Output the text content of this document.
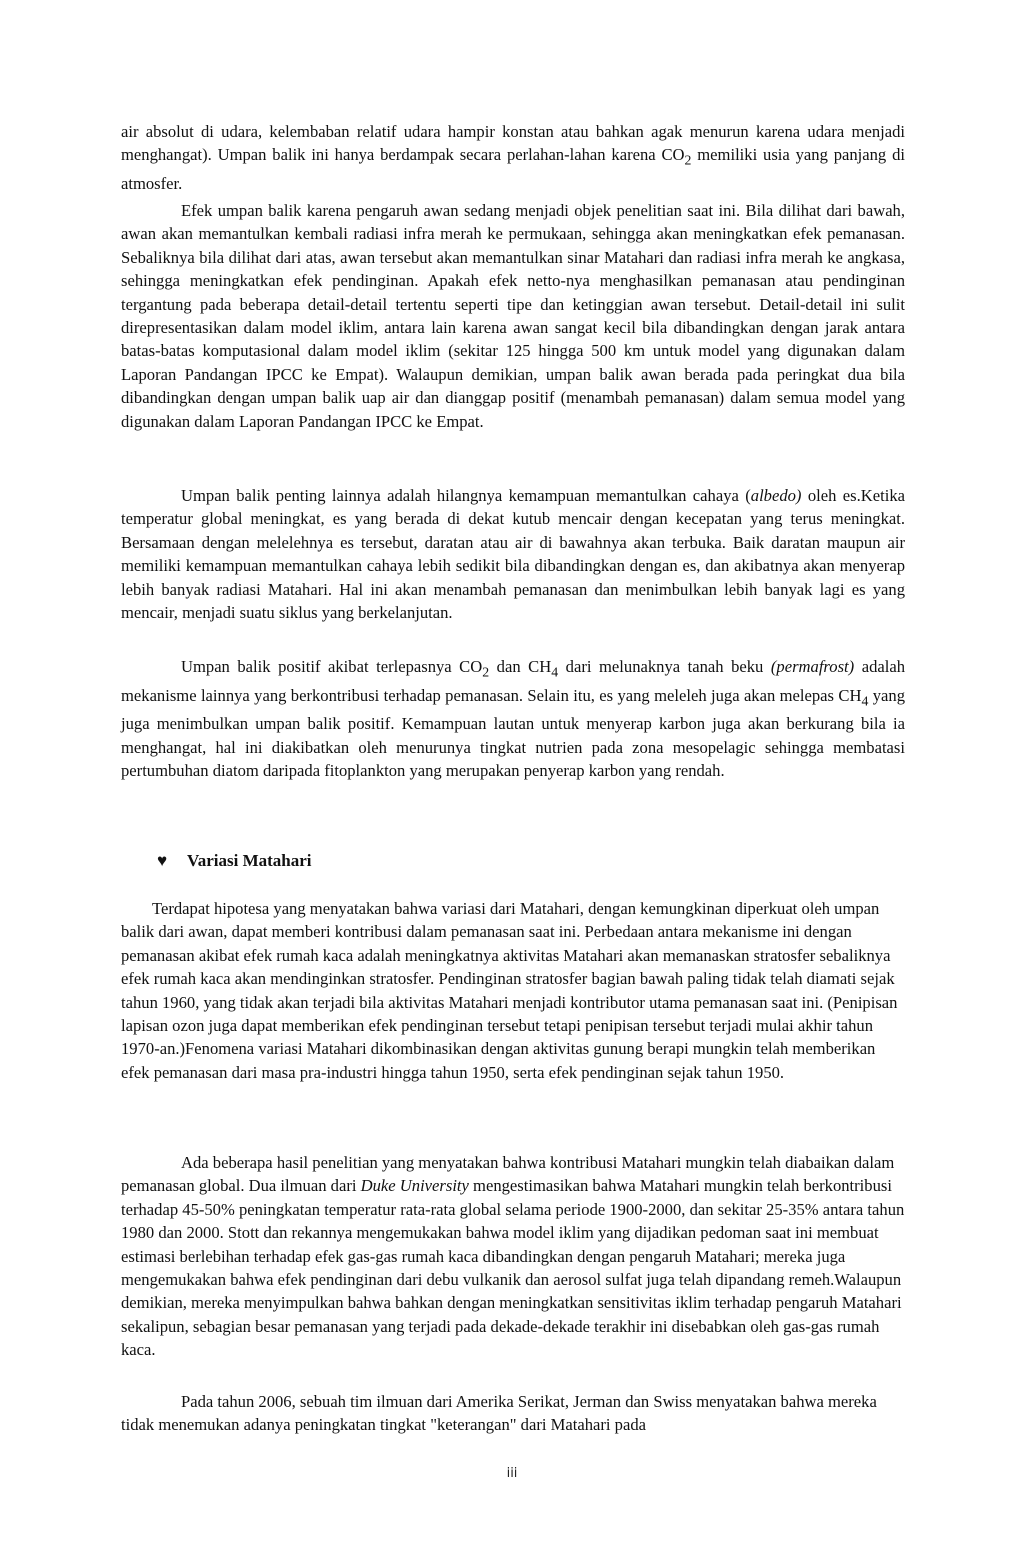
air absolut di udara, kelembaban relatif udara hampir konstan atau bahkan agak menurun karena udara menjadi menghangat). Umpan balik ini hanya berdampak secara perlahan-lahan karena $CO_2$ memiliki usia yang panjang di atmosfer.

Efek umpan balik karena pengaruh awan sedang menjadi objek penelitian saat ini. Bila dilihat dari bawah, awan akan memantulkan kembali radiasi infra merah ke permukaan, sehingga akan meningkatkan efek pemanasan. Sebaliknya bila dilihat dari atas, awan tersebut akan memantulkan sinar Matahari dan radiasi infra merah ke angkasa, sehingga meningkatkan efek pendinginan. Apakah efek netto-nya menghasilkan pemanasan atau pendinginan tergantung pada beberapa detail-detail tertentu seperti tipe dan ketinggian awan tersebut. Detail-detail ini sulit direpresentasikan dalam model iklim, antara lain karena awan sangat kecil bila dibandingkan dengan jarak antara batas-batas komputasional dalam model iklim (sekitar 125 hingga 500 km untuk model yang digunakan dalam Laporan Pandangan IPCC ke Empat). Walaupun demikian, umpan balik awan berada pada peringkat dua bila dibandingkan dengan umpan balik uap air dan dianggap positif (menambah pemanasan) dalam semua model yang digunakan dalam Laporan Pandangan IPCC ke Empat.

Umpan balik penting lainnya adalah hilangnya kemampuan memantulkan cahaya (albedo) oleh es.Ketika temperatur global meningkat, es yang berada di dekat kutub mencair dengan kecepatan yang terus meningkat. Bersamaan dengan melelehnya es tersebut, daratan atau air di bawahnya akan terbuka. Baik daratan maupun air memiliki kemampuan memantulkan cahaya lebih sedikit bila dibandingkan dengan es, dan akibatnya akan menyerap lebih banyak radiasi Matahari. Hal ini akan menambah pemanasan dan menimbulkan lebih banyak lagi es yang mencair, menjadi suatu siklus yang berkelanjutan.

Umpan balik positif akibat terlepasnya $CO_2$ dan $CH_4$ dari melunaknya tanah beku (permafrost) adalah mekanisme lainnya yang berkontribusi terhadap pemanasan. Selain itu, es yang meleleh juga akan melepas $CH_4$ yang juga menimbulkan umpan balik positif. Kemampuan lautan untuk menyerap karbon juga akan berkurang bila ia menghangat, hal ini diakibatkan oleh menurunya tingkat nutrien pada zona mesopelagic sehingga membatasi pertumbuhan diatom daripada fitoplankton yang merupakan penyerap karbon yang rendah.

♥ Variasi Matahari

Terdapat hipotesa yang menyatakan bahwa variasi dari Matahari, dengan kemungkinan diperkuat oleh umpan balik dari awan, dapat memberi kontribusi dalam pemanasan saat ini. Perbedaan antara mekanisme ini dengan pemanasan akibat efek rumah kaca adalah meningkatnya aktivitas Matahari akan memanaskan stratosfer sebaliknya efek rumah kaca akan mendinginkan stratosfer. Pendinginan stratosfer bagian bawah paling tidak telah diamati sejak tahun 1960, yang tidak akan terjadi bila aktivitas Matahari menjadi kontributor utama pemanasan saat ini. (Penipisan lapisan ozon juga dapat memberikan efek pendinginan tersebut tetapi penipisan tersebut terjadi mulai akhir tahun 1970-an.)Fenomena variasi Matahari dikombinasikan dengan aktivitas gunung berapi mungkin telah memberikan efek pemanasan dari masa pra-industri hingga tahun 1950, serta efek pendinginan sejak tahun 1950.

Ada beberapa hasil penelitian yang menyatakan bahwa kontribusi Matahari mungkin telah diabaikan dalam pemanasan global. Dua ilmuan dari Duke University mengestimasikan bahwa Matahari mungkin telah berkontribusi terhadap 45-50% peningkatan temperatur rata-rata global selama periode 1900-2000, dan sekitar 25-35% antara tahun 1980 dan 2000. Stott dan rekannya mengemukakan bahwa model iklim yang dijadikan pedoman saat ini membuat estimasi berlebihan terhadap efek gas-gas rumah kaca dibandingkan dengan pengaruh Matahari; mereka juga mengemukakan bahwa efek pendinginan dari debu vulkanik dan aerosol sulfat juga telah dipandang remeh.Walaupun demikian, mereka menyimpulkan bahwa bahkan dengan meningkatkan sensitivitas iklim terhadap pengaruh Matahari sekalipun, sebagian besar pemanasan yang terjadi pada dekade-dekade terakhir ini disebabkan oleh gas-gas rumah kaca.

Pada tahun 2006, sebuah tim ilmuan dari Amerika Serikat, Jerman dan Swiss menyatakan bahwa mereka tidak menemukan adanya peningkatan tingkat "keterangan" dari Matahari pada

iii
